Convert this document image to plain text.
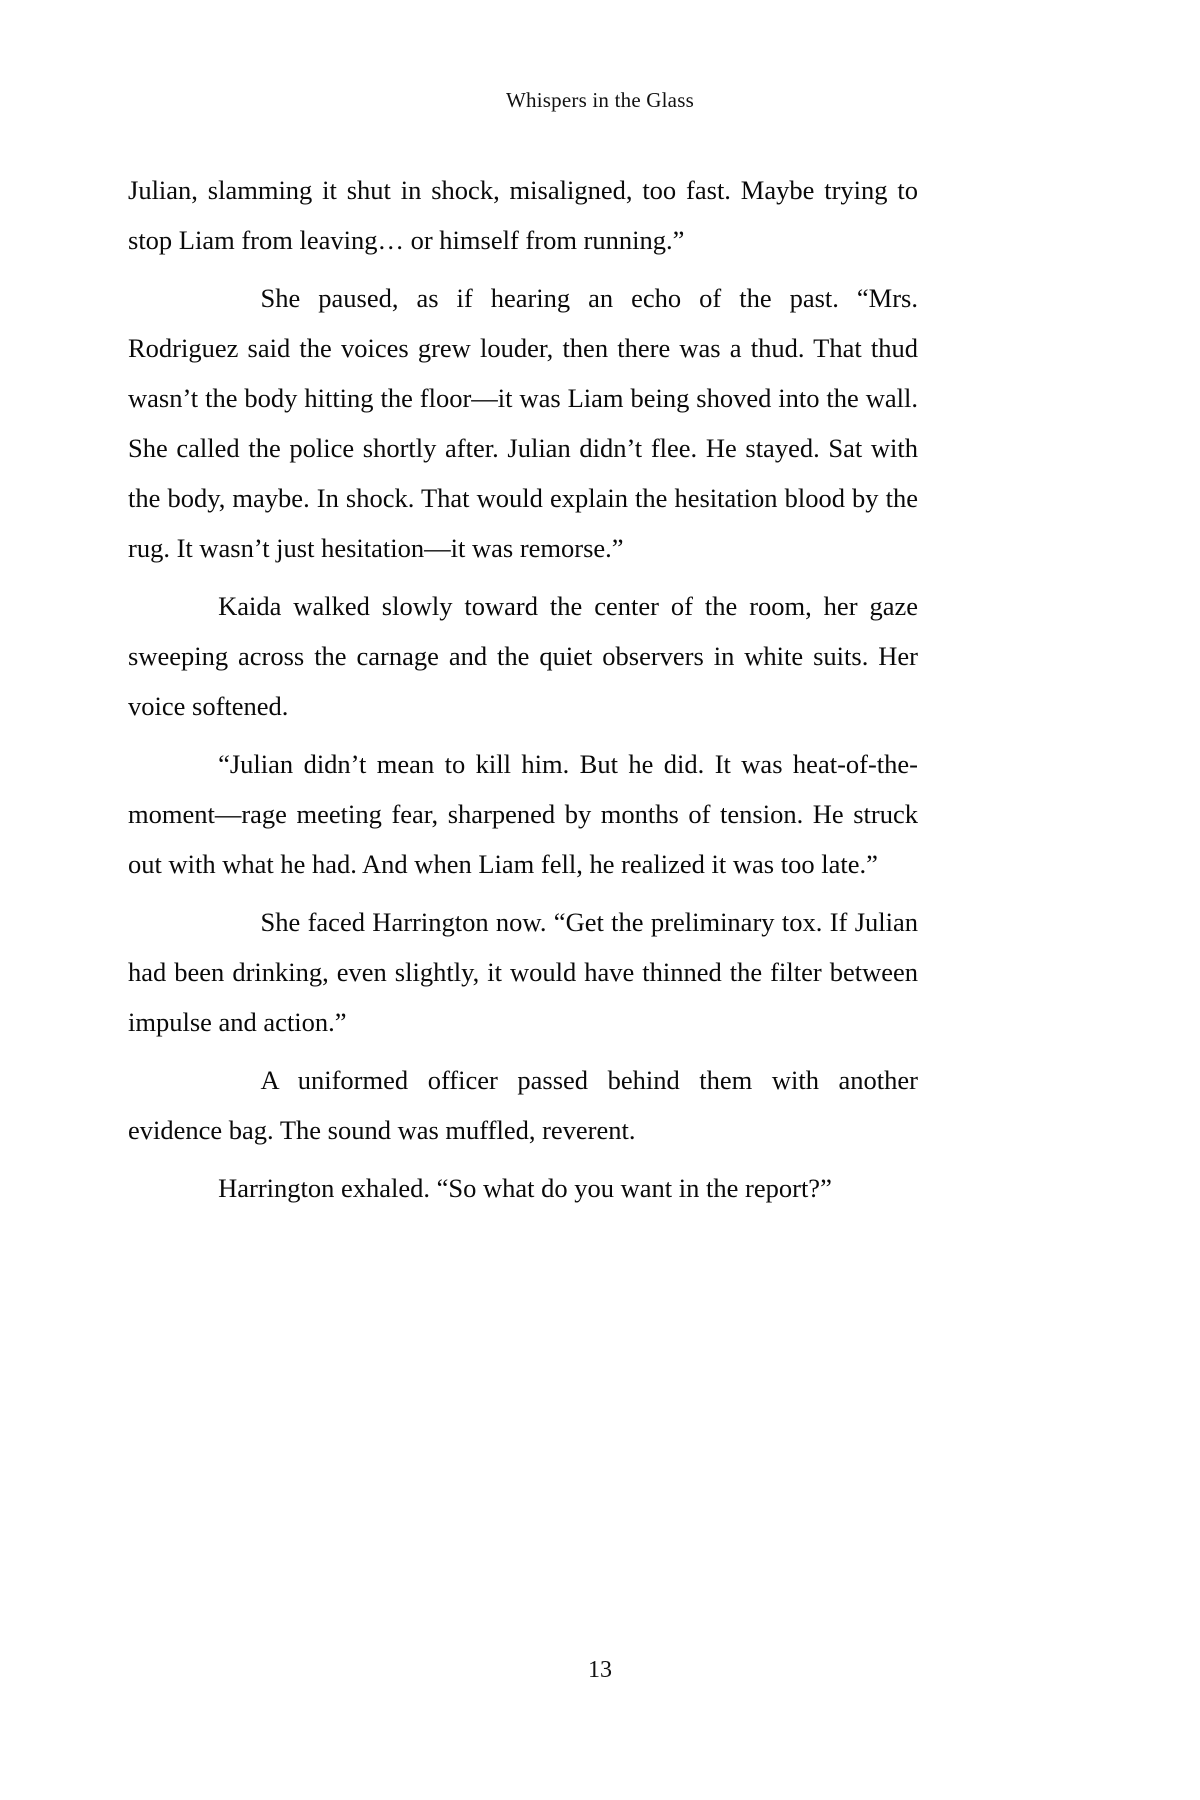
Whispers in the Glass

Julian, slamming it shut in shock, misaligned, too fast. Maybe trying to stop Liam from leaving… or himself from running.”

She paused, as if hearing an echo of the past. “Mrs. Rodriguez said the voices grew louder, then there was a thud. That thud wasn’t the body hitting the floor—it was Liam being shoved into the wall. She called the police shortly after. Julian didn’t flee. He stayed. Sat with the body, maybe. In shock. That would explain the hesitation blood by the rug. It wasn’t just hesitation—it was remorse.”

Kaida walked slowly toward the center of the room, her gaze sweeping across the carnage and the quiet observers in white suits. Her voice softened.

“Julian didn’t mean to kill him. But he did. It was heat-of-the-moment—rage meeting fear, sharpened by months of tension. He struck out with what he had. And when Liam fell, he realized it was too late.”

She faced Harrington now. “Get the preliminary tox. If Julian had been drinking, even slightly, it would have thinned the filter between impulse and action.”

A uniformed officer passed behind them with another evidence bag. The sound was muffled, reverent.

Harrington exhaled. “So what do you want in the report?”

13
